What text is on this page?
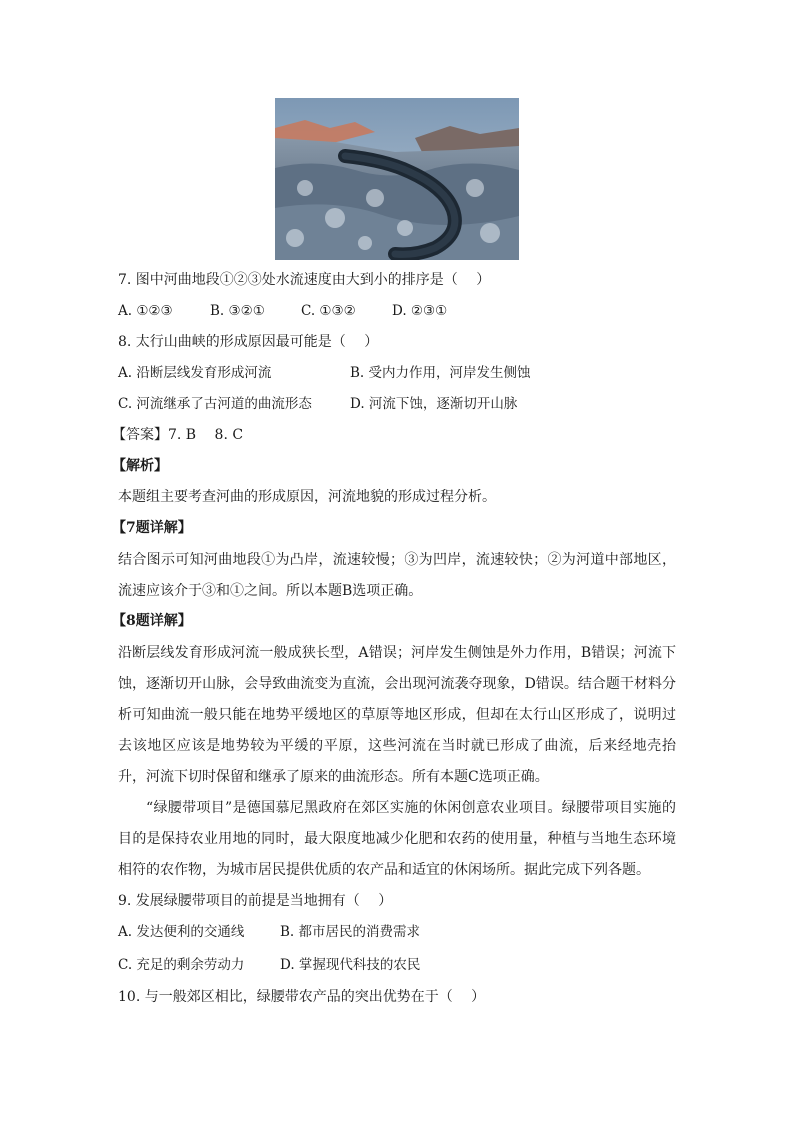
7. 图中河曲地段①②③处水流速度由大到小的排序是（　 ）
A. ①②③	B. ③②①	C. ①③②	D. ②③①
8. 太行山曲峡的形成原因最可能是（　 ）
A. 沿断层线发育形成河流	B. 受内力作用，河岸发生侧蚀
C. 河流继承了古河道的曲流形态	D. 河流下蚀，逐渐切开山脉
【答案】7. B　 8. C
【解析】
本题组主要考查河曲的形成原因，河流地貌的形成过程分析。
【7题详解】
结合图示可知河曲地段①为凸岸，流速较慢；③为凹岸，流速较快；②为河道中部地区，流速应该介于③和①之间。所以本题B选项正确。
【8题详解】
沿断层线发育形成河流一般成狭长型，A错误；河岸发生侧蚀是外力作用，B错误；河流下蚀，逐渐切开山脉，会导致曲流变为直流，会出现河流袭夺现象，D错误。结合题干材料分析可知曲流一般只能在地势平缓地区的草原等地区形成，但却在太行山区形成了，说明过去该地区应该是地势较为平缓的平原，这些河流在当时就已形成了曲流，后来经地壳抬升，河流下切时保留和继承了原来的曲流形态。所有本题C选项正确。
“绿腰带项目”是德国慕尼黑政府在郊区实施的休闲创意农业项目。绿腰带项目实施的目的是保持农业用地的同时，最大限度地减少化肥和农药的使用量，种植与当地生态环境相符的农作物，为城市居民提供优质的农产品和适宜的休闲场所。据此完成下列各题。
9. 发展绿腰带项目的前提是当地拥有（　 ）
A. 发达便利的交通线	B. 都市居民的消费需求
C. 充足的剩余劳动力	D. 掌握现代科技的农民
10. 与一般郊区相比，绿腰带农产品的突出优势在于（　 ）
